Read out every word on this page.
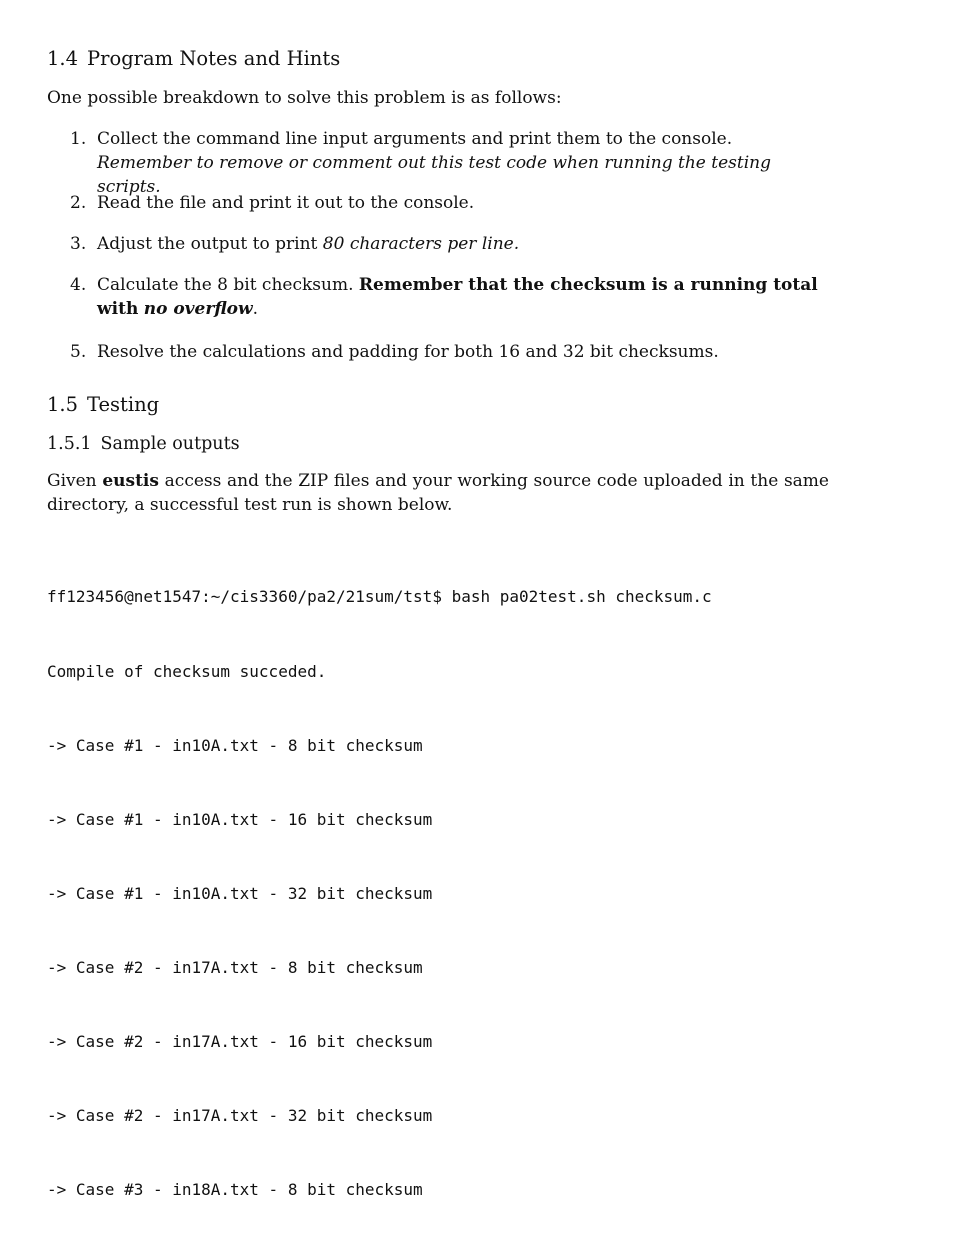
1.4 Program Notes and Hints
One possible breakdown to solve this problem is as follows:
1. Collect the command line input arguments and print them to the console. Remember to remove or comment out this test code when running the testing scripts.
2. Read the file and print it out to the console.
3. Adjust the output to print 80 characters per line.
4. Calculate the 8 bit checksum. Remember that the checksum is a running total with no overflow.
5. Resolve the calculations and padding for both 16 and 32 bit checksums.
1.5 Testing
1.5.1 Sample outputs
Given eustis access and the ZIP files and your working source code uploaded in the same directory, a successful test run is shown below.

ff123456@net1547:~/cis3360/pa2/21sum/tst$ bash pa02test.sh checksum.c

Compile of checksum succeded.

-> Case #1 - in10A.txt - 8 bit checksum

-> Case #1 - in10A.txt - 16 bit checksum

-> Case #1 - in10A.txt - 32 bit checksum

-> Case #2 - in17A.txt - 8 bit checksum

-> Case #2 - in17A.txt - 16 bit checksum

-> Case #2 - in17A.txt - 32 bit checksum

-> Case #3 - in18A.txt - 8 bit checksum
